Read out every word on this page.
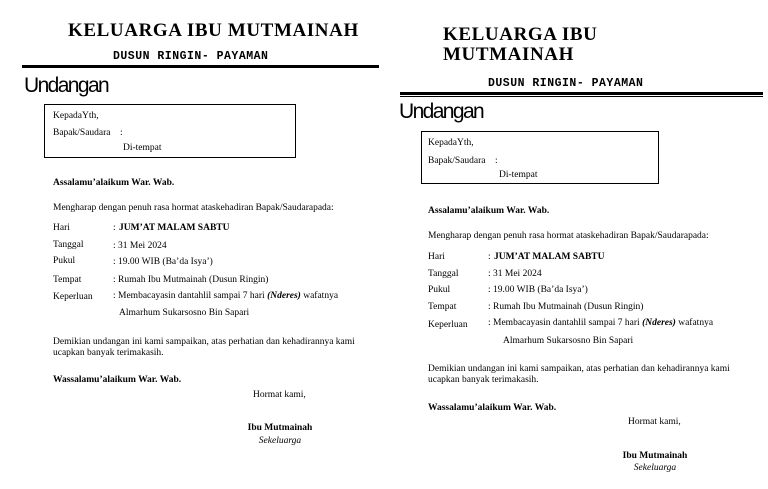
KELUARGA IBU MUTMAINAH
DUSUN RINGIN- PAYAMAN
Undangan
KepadaYth,
Bapak/Saudara :
Di-tempat
Assalamu’alaikum War. Wab.
Mengharap dengan penuh rasa hormat ataskehadiran Bapak/Saudarapada:
Hari	: JUM’AT MALAM SABTU
Tanggal	: 31 Mei 2024
Pukul	: 19.00 WIB (Ba’da Isya’)
Tempat	: Rumah Ibu Mutmainah (Dusun Ringin)
Keperluan : Membacayasin dantahlil sampai 7 hari (Nderes) wafatnya
Almarhum Sukarsosno Bin Sapari
Demikian undangan ini kami sampaikan, atas perhatian dan kehadirannya kami ucapkan banyak terimakasih.
Wassalamu’alaikum War. Wab.
Hormat kami,
Ibu Mutmainah
Sekeluarga
KELUARGA IBU
MUTMAINAH
DUSUN RINGIN- PAYAMAN
Undangan
KepadaYth,
Bapak/Saudara :
Di-tempat
Assalamu’alaikum War. Wab.
Mengharap dengan penuh rasa hormat ataskehadiran Bapak/Saudarapada:
Hari	: JUM’AT MALAM SABTU
Tanggal	: 31 Mei 2024
Pukul	: 19.00 WIB (Ba’da Isya’)
Tempat	: Rumah Ibu Mutmainah (Dusun Ringin)
Keperluan : Membacayasin dantahlil sampai 7 hari (Nderes) wafatnya
Almarhum Sukarsosno Bin Sapari
Demikian undangan ini kami sampaikan, atas perhatian dan kehadirannya kami ucapkan banyak terimakasih.
Wassalamu’alaikum War. Wab.
Hormat kami,
Ibu Mutmainah
Sekeluarga
